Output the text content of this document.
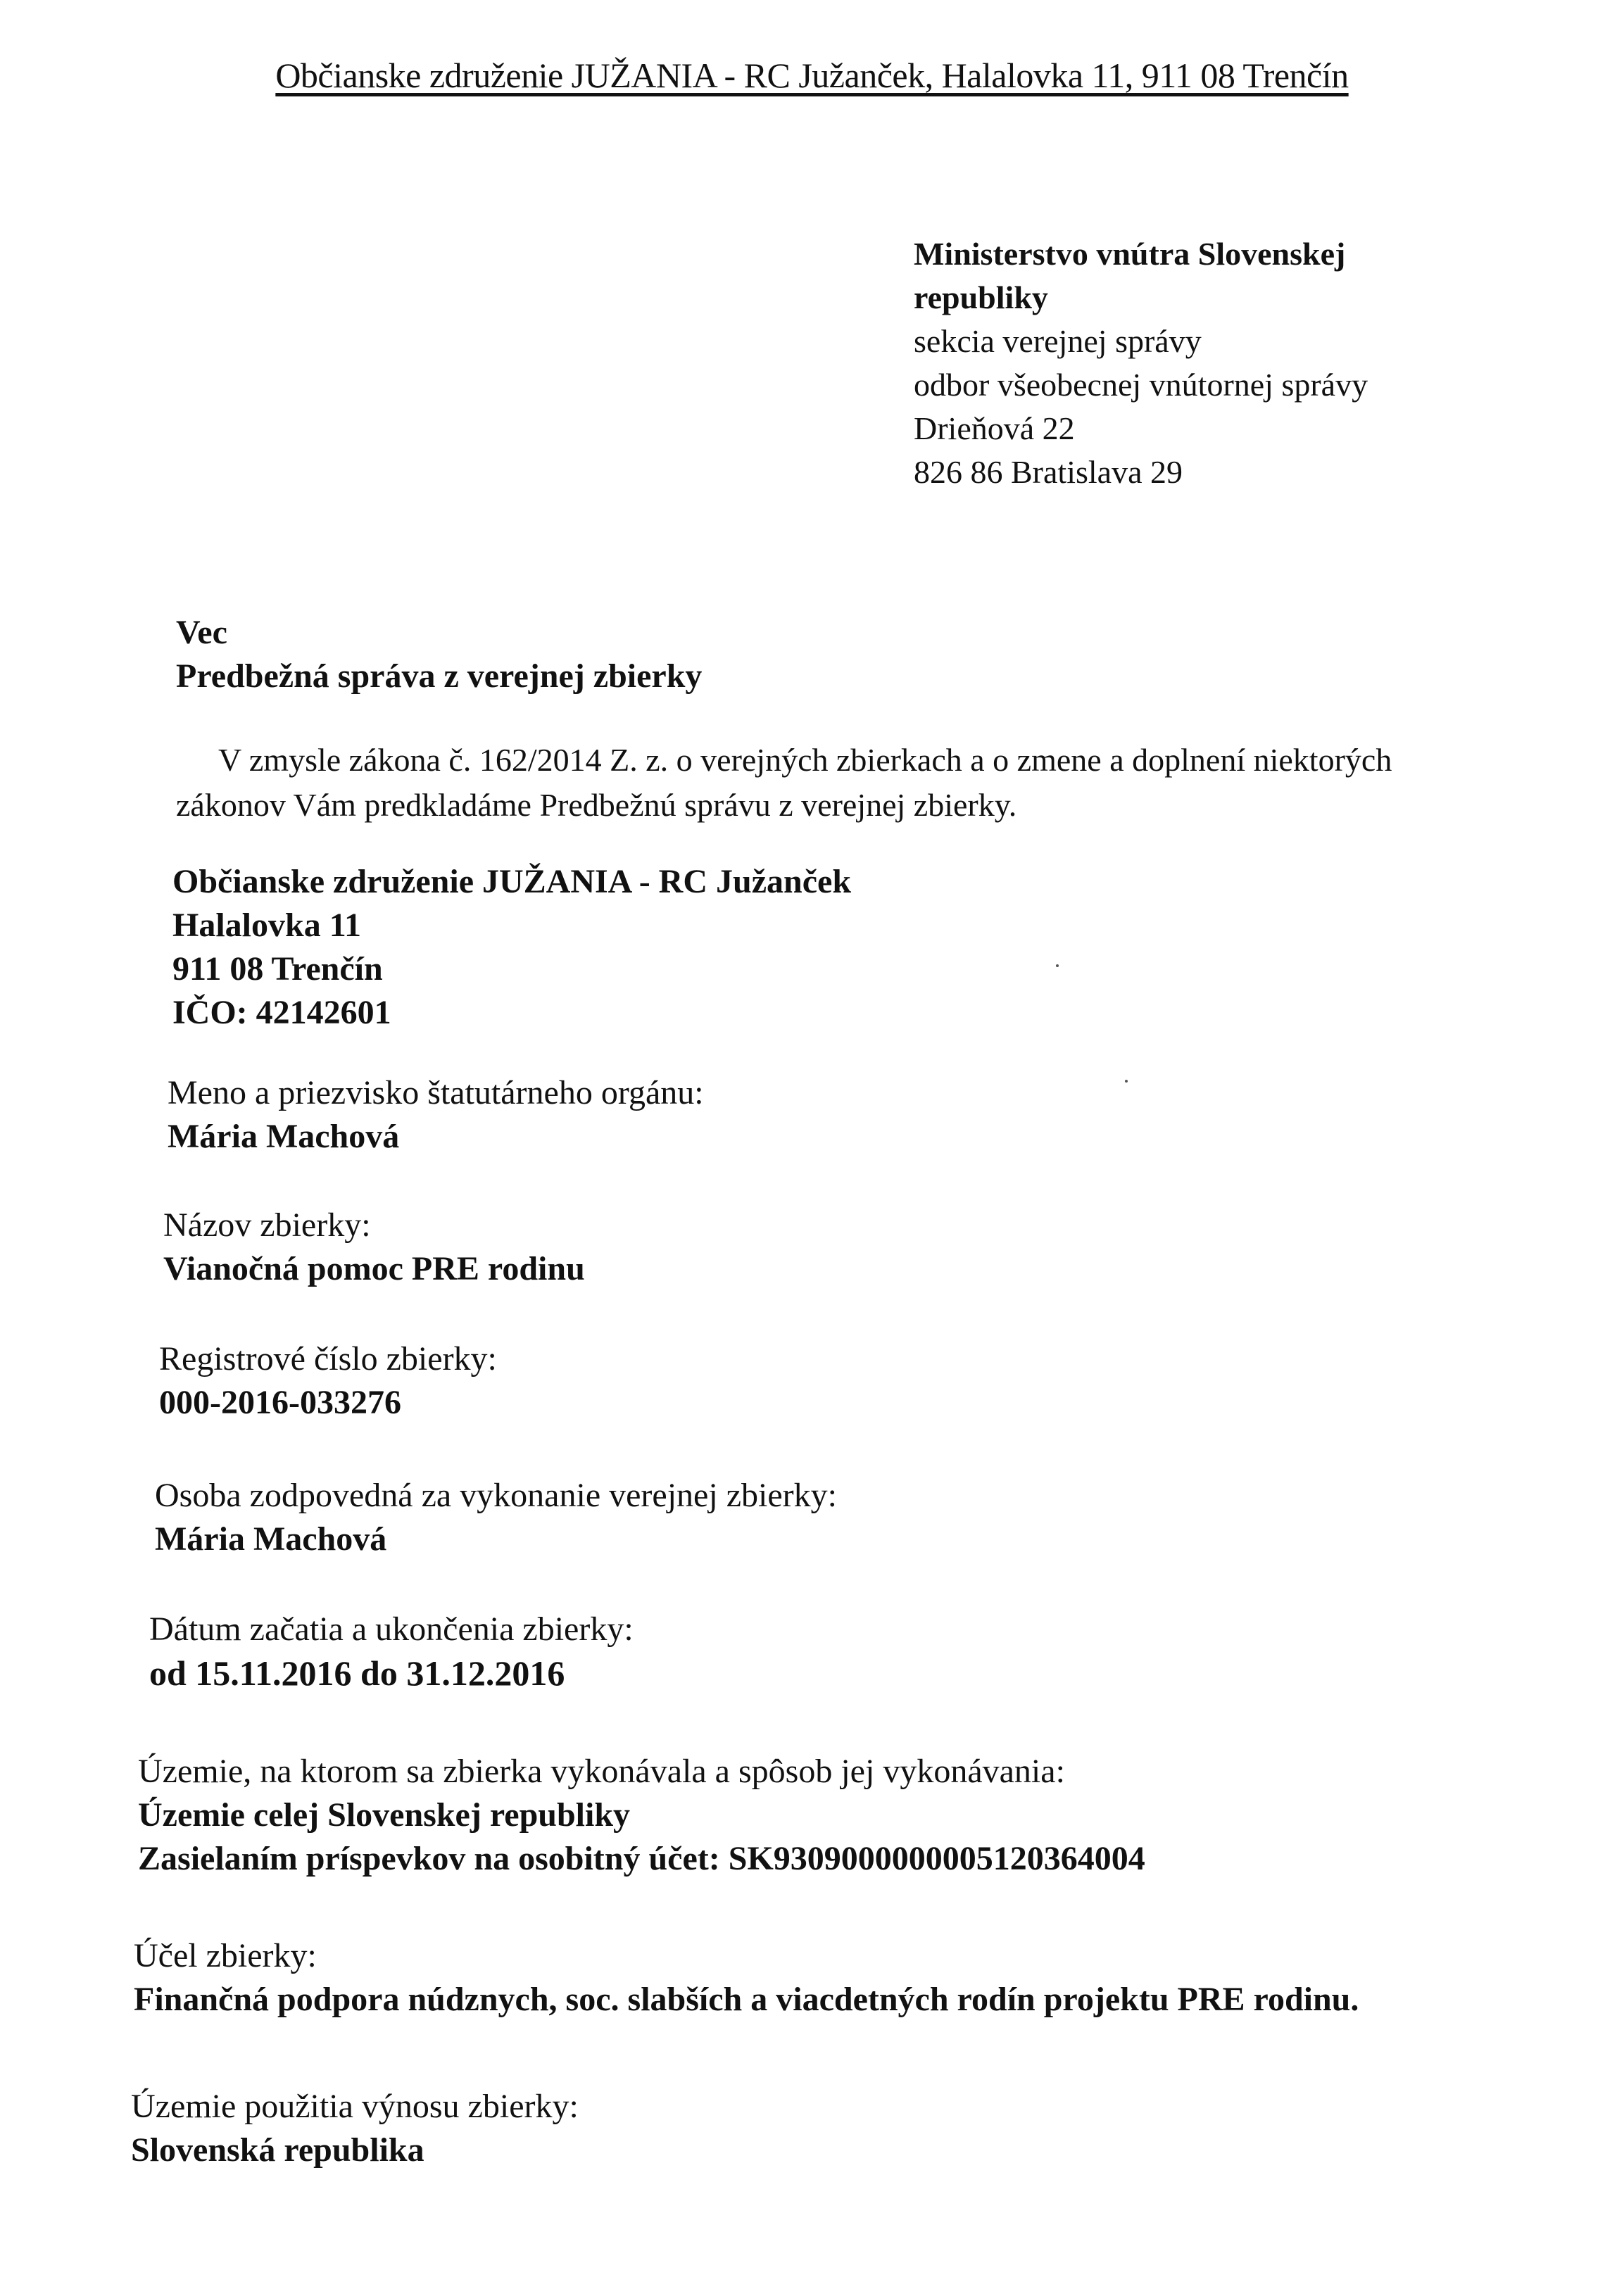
Občianske združenie JUŽANIA - RC Južanček, Halalovka 11, 911 08 Trenčín
Ministerstvo vnútra Slovenskej
republiky
sekcia verejnej správy
odbor všeobecnej vnútornej správy
Drieňová 22
826 86 Bratislava 29
Vec
Predbežná správa z verejnej zbierky
V zmysle zákona č. 162/2014 Z. z. o verejných zbierkach a o zmene a doplnení niektorých
zákonov Vám predkladáme Predbežnú správu z verejnej zbierky.
Občianske združenie JUŽANIA - RC Južanček
Halalovka 11
911 08 Trenčín
IČO: 42142601
Meno a priezvisko štatutárneho orgánu:
Mária Machová
Názov zbierky:
Vianočná pomoc PRE rodinu
Registrové číslo zbierky:
000-2016-033276
Osoba zodpovedná za vykonanie verejnej zbierky:
Mária Machová
Dátum začatia a ukončenia zbierky:
od 15.11.2016 do 31.12.2016
Územie, na ktorom sa zbierka vykonávala a spôsob jej vykonávania:
Územie celej Slovenskej republiky
Zasielaním príspevkov na osobitný účet: SK9309000000005120364004
Účel zbierky:
Finančná podpora núdznych, soc. slabších a viacdetných rodín projektu PRE rodinu.
Územie použitia výnosu zbierky:
Slovenská republika
